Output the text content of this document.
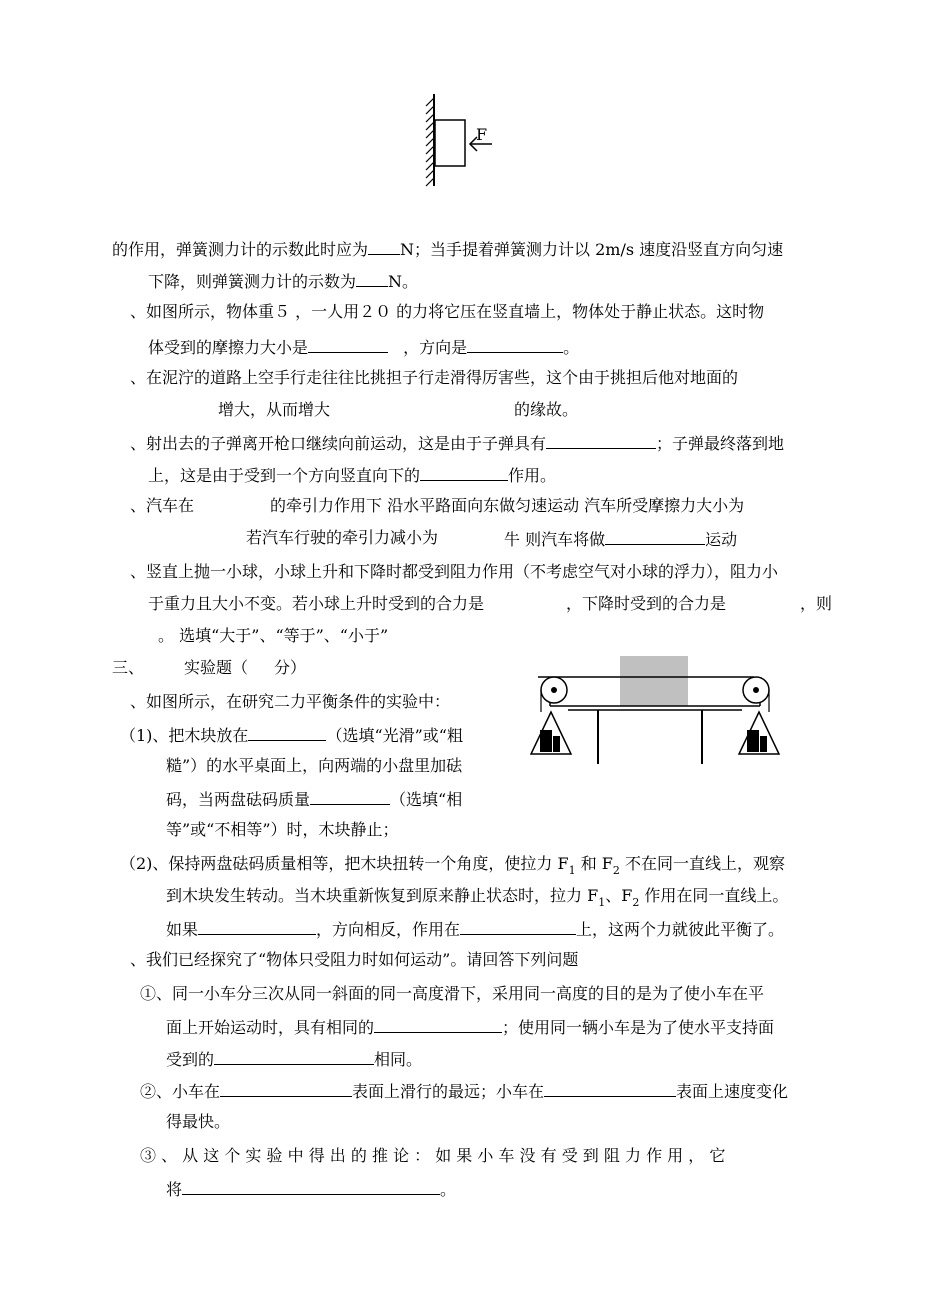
F
的作用，弹簧测力计的示数此时应为 N；当手提着弹簧测力计以 2m/s 速度沿竖直方向匀速
下降，则弹簧测力计的示数为 N。
、如图所示，物体重５ ，一人用２０ 的力将它压在竖直墙上，物体处于静止状态。这时物
体受到的摩擦力大小是	，方向是	。
、在泥泞的道路上空手行走往往比挑担子行走滑得厉害些，这个由于挑担后他对地面的
增大，从而增大	的缘故。
、射出去的子弹离开枪口继续向前运动，这是由于子弹具有	；子弹最终落到地
上，这是由于受到一个方向竖直向下的	作用。
、汽车在	的牵引力作用下 沿水平路面向东做匀速运动 汽车所受摩擦力大小为
若汽车行驶的牵引力减小为	牛 则汽车将做	运动
、竖直上抛一小球，小球上升和下降时都受到阻力作用（不考虑空气对小球的浮力），阻力小
于重力且大小不变。若小球上升时受到的合力是	，下降时受到的合力是	，则
。 选填“大于”、“等于”、“小于”
三、 实验题（ 分）
、如图所示，在研究二力平衡条件的实验中：
（1)、把木块放在	（选填“光滑”或“粗
糙”）的水平桌面上，向两端的小盘里加砝
码，当两盘砝码质量	（选填“相
等”或“不相等”）时，木块静止；
（2)、保持两盘砝码质量相等，把木块扭转一个角度，使拉力 $F_1$ 和 $F_2$ 不在同一直线上，观察
到木块发生转动。当木块重新恢复到原来静止状态时，拉力 $F_1$、$F_2$ 作用在同一直线上。
如果	，方向相反，作用在	上，这两个力就彼此平衡了。
、我们已经探究了“物体只受阻力时如何运动”。请回答下列问题
①、同一小车分三次从同一斜面的同一高度滑下，采用同一高度的目的是为了使小车在平
面上开始运动时，具有相同的	；使用同一辆小车是为了使水平支持面
受到的	相同。
②、小车在	表面上滑行的最远；小车在	表面上速度变化
得最快。
③ 、 从 这 个 实 验 中 得 出 的 推 论 ： 如 果 小 车 没 有 受 到 阻 力 作 用 ， 它
将	。
